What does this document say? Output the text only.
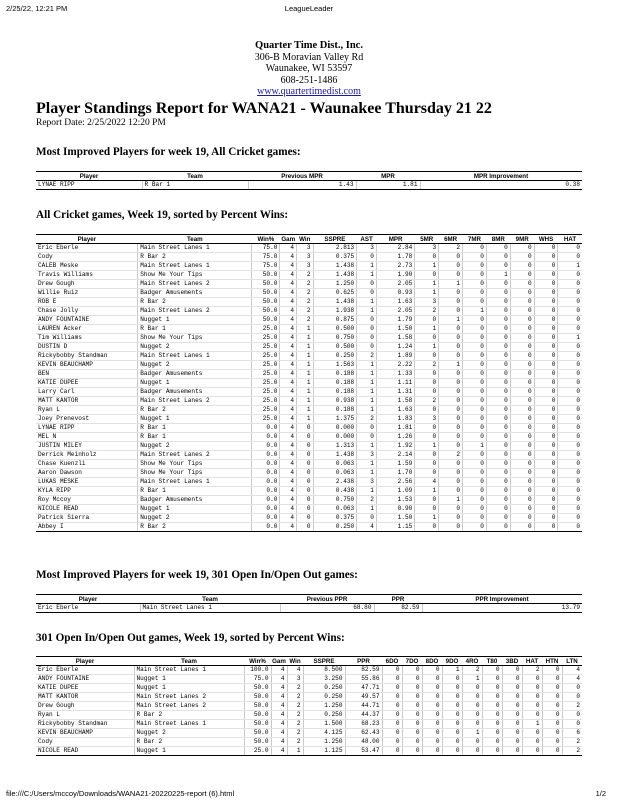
2/25/22, 12:21 PM	LeagueLeader
Quarter Time Dist., Inc.
306-B Moravian Valley Rd
Waunakee, WI 53597
608-251-1486
www.quartertimedist.com
Player Standings Report for WANA21 - Waunakee Thursday 21 22
Report Date: 2/25/2022 12:20 PM
Most Improved Players for week 19, All Cricket games:
Player	Team	Previous MPR	MPR	MPR Improvement
LYNAE RIPP	R Bar 1	1.43	1.81	0.38
All Cricket games, Week 19, sorted by Percent Wins:
Player	Team	Win%	Gam	Win	SSPRE	AST	MPR	5MR	6MR	7MR	8MR	9MR	WHS	HAT
Eric Eberle	Main Street Lanes 1	75.0	4	3	2.813	3	2.84	3	2	0	0	0	0	0
Cody	R Bar 2	75.0	4	3	0.375	0	1.78	0	0	0	0	0	0	0
CALEB Meske	Main Street Lanes 1	75.0	4	3	1.438	1	2.73	1	0	0	0	0	0	1
Travis Williams	Show Me Your Tips	50.0	4	2	1.438	1	1.90	0	0	0	1	0	0	0
Drew Gough	Main Street Lanes 2	50.0	4	2	1.250	0	2.05	1	1	0	0	0	0	0
Willie Ruiz	Badger Amusements	50.0	4	2	0.625	0	0.93	1	0	0	0	0	0	0
ROB E	R Bar 2	50.0	4	2	1.438	1	1.63	3	0	0	0	0	0	0
Chase Jolly	Main Street Lanes 2	50.0	4	2	1.938	1	2.05	2	0	1	0	0	0	0
ANDY FOUNTAINE	Nugget 1	50.0	4	2	0.875	0	1.79	0	1	0	0	0	0	0
LAUREN Acker	R Bar 1	25.0	4	1	0.500	0	1.50	1	0	0	0	0	0	0
Tim Williams	Show Me Your Tips	25.0	4	1	0.750	0	1.58	0	0	0	0	0	0	1
DUSTIN D	Nugget 2	25.0	4	1	0.500	0	1.24	1	0	0	0	0	0	0
Rickybobby Standman	Main Street Lanes 1	25.0	4	1	0.250	2	1.89	0	0	0	0	0	0	0
KEVIN BEAUCHAMP	Nugget 2	25.0	4	1	1.563	1	2.22	2	1	0	0	0	0	0
BEN	Badger Amusements	25.0	4	1	0.188	1	1.33	0	0	0	0	0	0	0
KATIE DUPEE	Nugget 1	25.0	4	1	0.188	1	1.11	0	0	0	0	0	0	0
Larry Carl	Badger Amusements	25.0	4	1	0.188	1	1.31	0	0	0	0	0	0	0
MATT KANTOR	Main Street Lanes 2	25.0	4	1	0.938	1	1.58	2	0	0	0	0	0	0
Ryan L	R Bar 2	25.0	4	1	0.188	1	1.63	0	0	0	0	0	0	0
Joey Prenevost	Nugget 1	25.0	4	1	1.375	2	1.83	3	0	0	0	0	0	0
LYNAE RIPP	R Bar 1	0.0	4	0	0.000	0	1.81	0	0	0	0	0	0	0
MEL N	R Bar 1	0.0	4	0	0.000	0	1.26	0	0	0	0	0	0	0
JUSTIN MILEY	Nugget 2	0.0	4	0	1.313	1	1.92	1	0	1	0	0	0	0
Derrick Meinholz	Main Street Lanes 2	0.0	4	0	1.438	3	2.14	0	2	0	0	0	0	0
Chase Kuenzli	Show Me Your Tips	0.0	4	0	0.063	1	1.59	0	0	0	0	0	0	0
Aaron Dawson	Show Me Your Tips	0.0	4	0	0.063	1	1.70	0	0	0	0	0	0	0
LUKAS MESKE	Main Street Lanes 1	0.0	4	0	2.438	3	2.56	4	0	0	0	0	0	0
KYLA RIPP	R Bar 1	0.0	4	0	0.438	1	1.09	1	0	0	0	0	0	0
Roy Mccoy	Badger Amusements	0.0	4	0	0.750	2	1.53	0	1	0	0	0	0	0
NICOLE READ	Nugget 1	0.0	4	0	0.063	1	0.90	0	0	0	0	0	0	0
Patrick Sierra	Nugget 2	0.0	4	0	0.375	0	1.50	1	0	0	0	0	0	0
Abbey I	R Bar 2	0.0	4	0	0.250	4	1.15	0	0	0	0	0	0	0
Most Improved Players for week 19, 301 Open In/Open Out games:
Player	Team	Previous PPR	PPR	PPR Improvement
Eric Eberle	Main Street Lanes 1	68.80	82.59	13.79
301 Open In/Open Out games, Week 19, sorted by Percent Wins:
Player	Team	Win%	Gam	Win	SSPRE	PPR	6DO	7DO	8DO	9DO	4RO	T80	3BD	HAT	HTN	LTN
Eric Eberle	Main Street Lanes 1	100.0	4	4	8.500	82.59	0	0	0	1	2	0	0	2	0	4
ANDY FOUNTAINE	Nugget 1	75.0	4	3	3.250	55.86	0	0	0	0	1	0	0	0	0	4
KATIE DUPEE	Nugget 1	50.0	4	2	0.250	47.71	0	0	0	0	0	0	0	0	0	0
MATT KANTOR	Main Street Lanes 2	50.0	4	2	0.250	49.57	0	0	0	0	0	0	0	0	0	0
Drew Gough	Main Street Lanes 2	50.0	4	2	1.250	44.71	0	0	0	0	0	0	0	0	0	2
Ryan L	R Bar 2	50.0	4	2	0.250	44.37	0	0	0	0	0	0	0	0	0	0
Rickybobby Standman	Main Street Lanes 1	50.0	4	2	1.500	68.23	0	0	0	0	0	0	0	1	0	0
KEVIN BEAUCHAMP	Nugget 2	50.0	4	2	4.125	62.43	0	0	0	0	1	0	0	0	0	6
Cody	R Bar 2	50.0	4	2	1.250	48.00	0	0	0	0	0	0	0	0	0	2
NICOLE READ	Nugget 1	25.0	4	1	1.125	53.47	0	0	0	0	0	0	0	0	0	2
file:///C:/Users/mccoy/Downloads/WANA21-20220225-report (6).html	1/2
